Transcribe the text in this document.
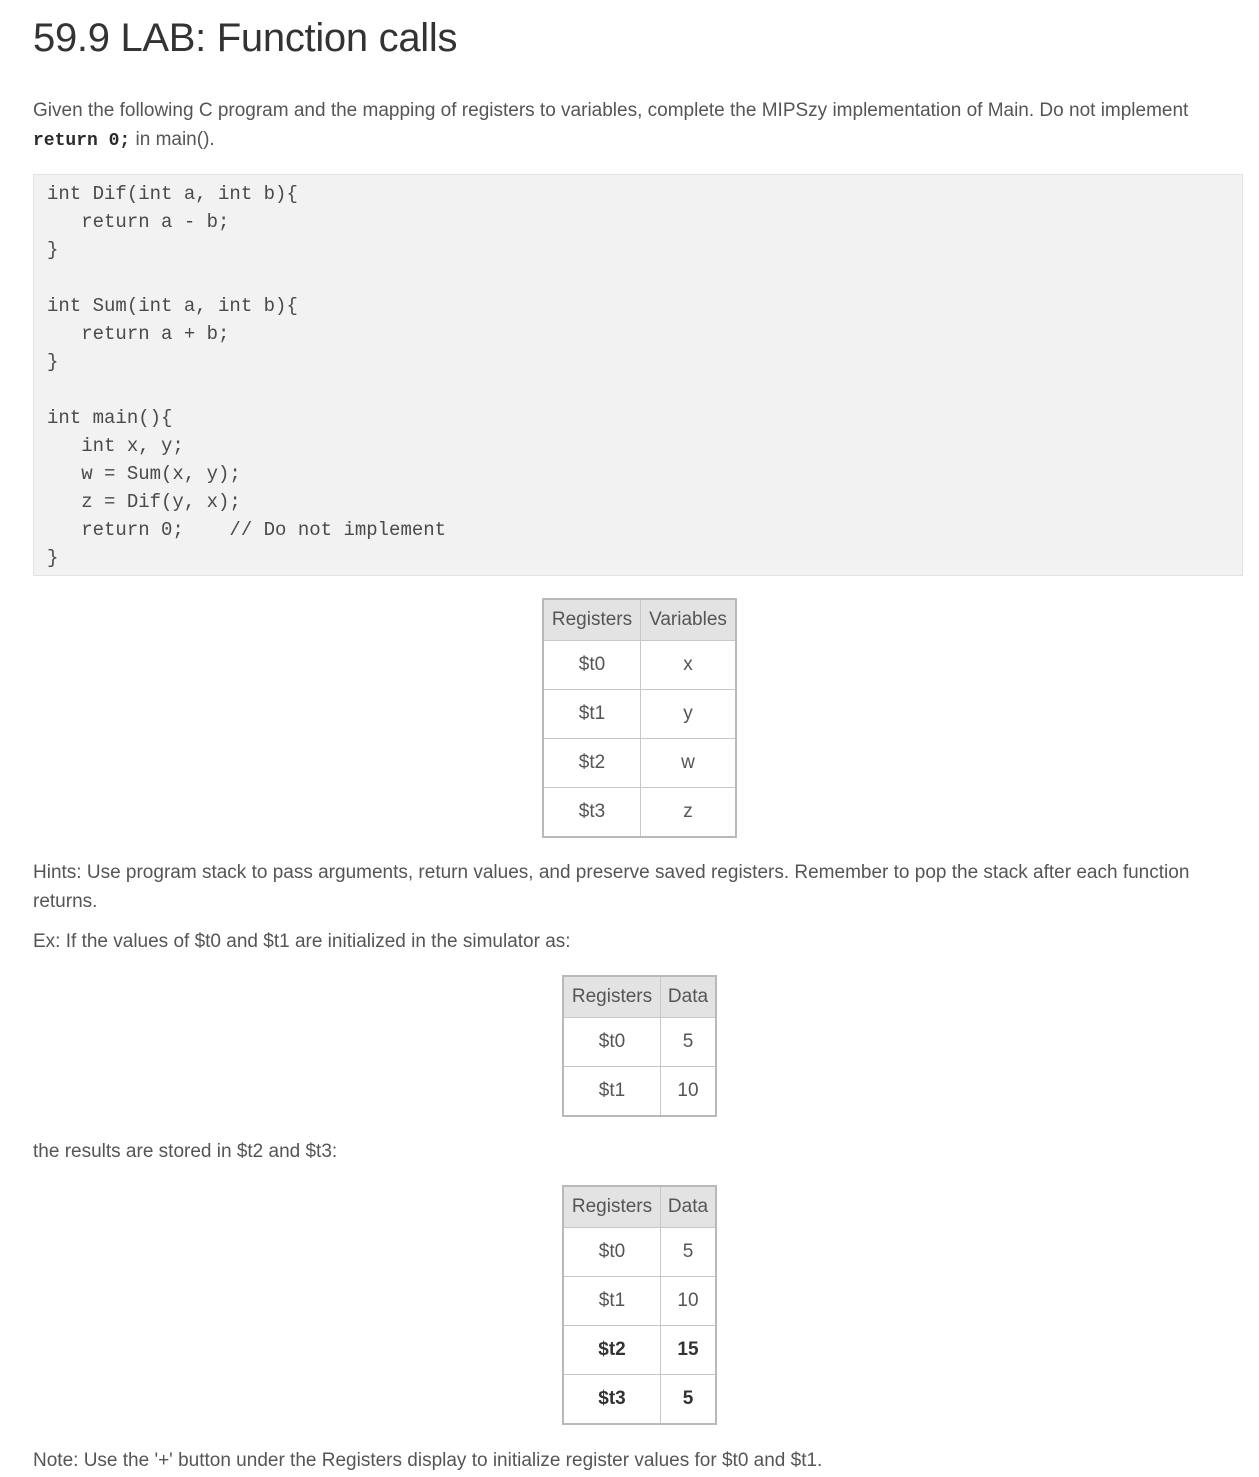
59.9 LAB: Function calls

Given the following C program and the mapping of registers to variables, complete the MIPSzy implementation of Main. Do not implement return 0; in main().

int Dif(int a, int b){
return a - b;
}
int Sum(int a, int b){
return a + b;
}
int main(){
int x, y;
w = Sum(x, y);
z = Dif(y, x);
return 0;    // Do not implement
}
Registers	Variables
$t0	x
$t1	y
$t2	w
$t3	z

Hints: Use program stack to pass arguments, return values, and preserve saved registers. Remember to pop the stack after each function returns.

Ex: If the values of $t0 and $t1 are initialized in the simulator as:

Registers	Data
$t0	5
$t1	10

the results are stored in $t2 and $t3:

Registers	Data
$t0	5
$t1	10
$t2	15
$t3	5

Note: Use the '+' button under the Registers display to initialize register values for $t0 and $t1.
